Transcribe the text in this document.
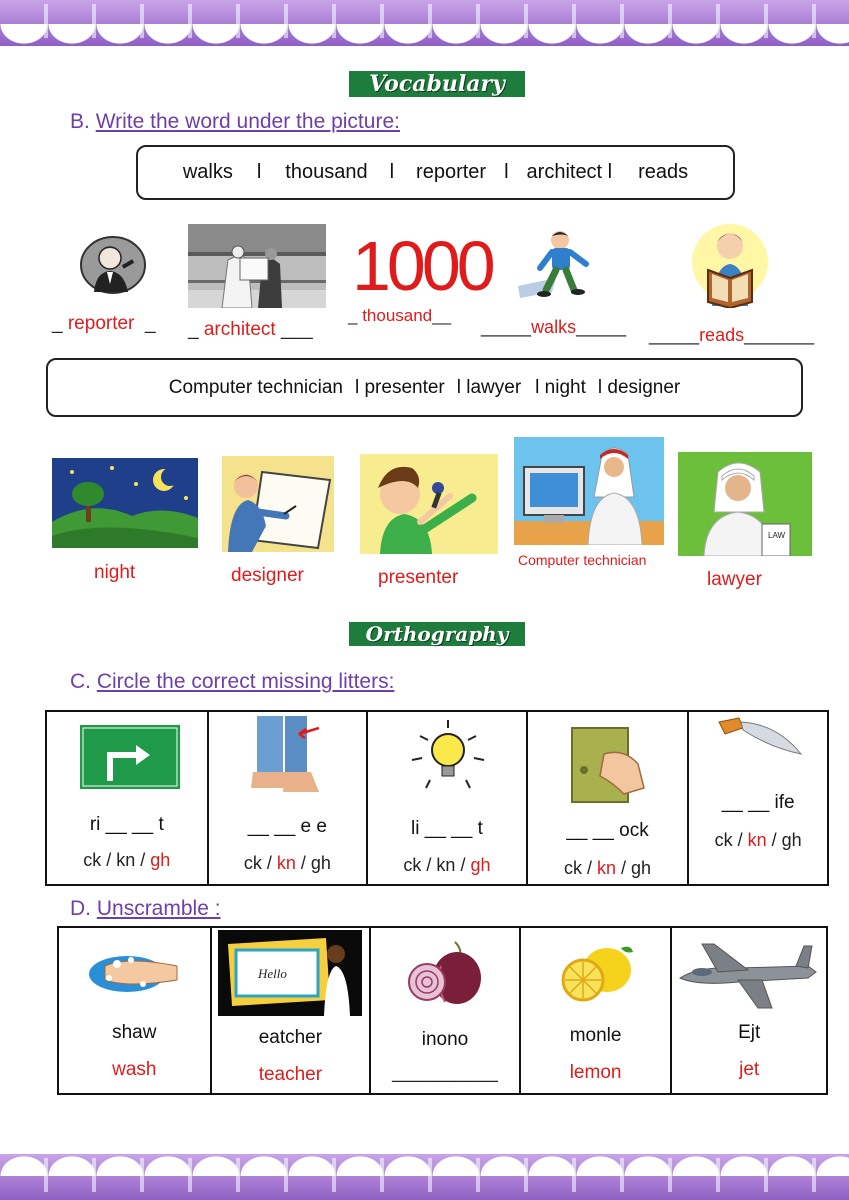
Vocabulary
B. Write the word under the picture:
walks l thousand l reporter l architect l reads
1000
_ reporter  _ _ architect ___
_ thousand__
_____walks_____ _____reads_______
Computer technician l presenter l lawyer l night l designer
LAW
night	designer	presenter
Computer technician
lawyer
Orthography
C. Circle the correct missing litters:
ri __ __ t
ck / kn / gh

__ __ e e
ck / kn / gh

li __ __ t
ck / kn / gh

__ __ ock
ck / kn / gh

__ __ ife
ck / kn / gh
D. Unscramble :
shaw
wash

Hello
eatcher
teacher

inono
__________

monle
lemon

Ejt
jet
